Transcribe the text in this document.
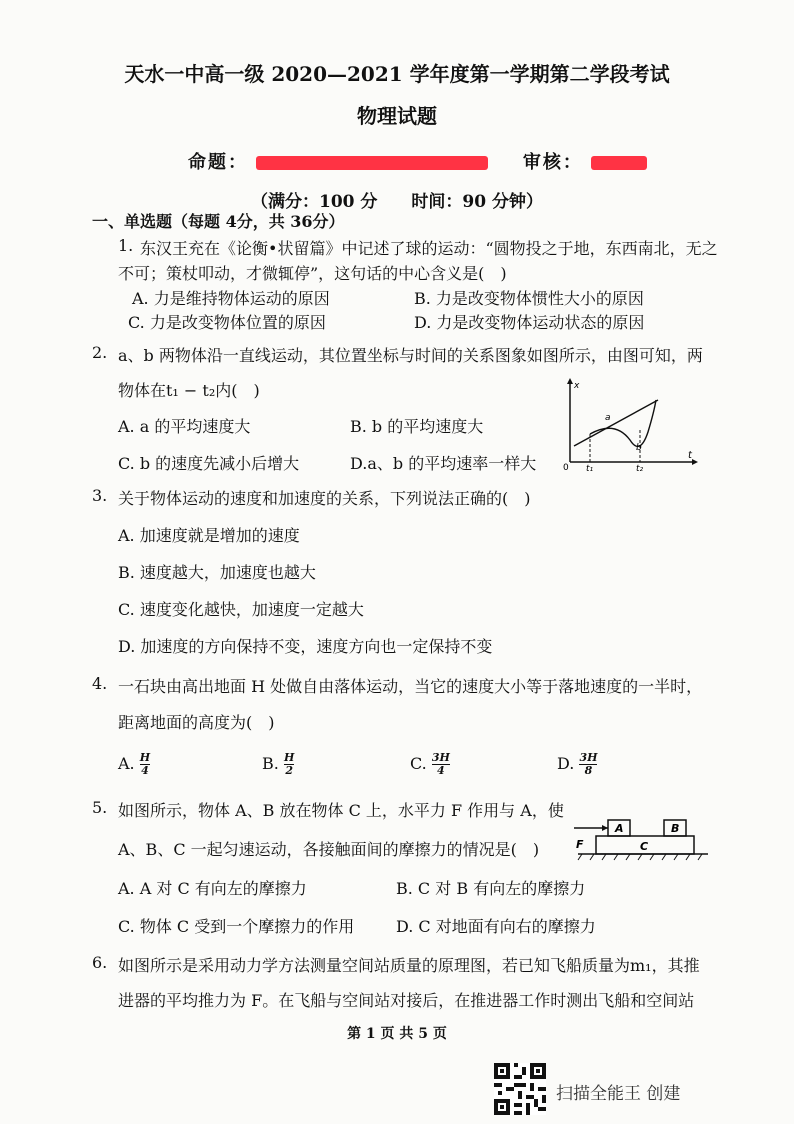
天水一中高一级 2020—2021 学年度第一学期第二学段考试
物理试题
命题：	审核：
（满分：100 分　　时间：90 分钟）
一、单选题（每题 4分，共 36分）
1. 东汉王充在《论衡•状留篇》中记述了球的运动：“圆物投之于地，东西南北，无之
不可；策杖叩动，才微辄停”，这句话的中心含义是(　)
A. 力是维持物体运动的原因	B. 力是改变物体惯性大小的原因
C. 力是改变物体位置的原因	D. 力是改变物体运动状态的原因
2. a、b 两物体沿一直线运动，其位置坐标与时间的关系图象如图所示，由图可知，两
物体在t₁ − t₂内(　)
A. a 的平均速度大	B. b 的平均速度大
C. b 的速度先减小后增大	D.a、b 的平均速率一样大
x
t
0 t₁	t₂
a
b
3. 关于物体运动的速度和加速度的关系，下列说法正确的(　)
A. 加速度就是增加的速度
B. 速度越大，加速度也越大
C. 速度变化越快，加速度一定越大
D. 加速度的方向保持不变，速度方向也一定保持不变
4. 一石块由高出地面 H 处做自由落体运动，当它的速度大小等于落地速度的一半时，
距离地面的高度为(　)
A. $\frac{H}{4}$	B. $\frac{H}{2}$	C. $\frac{3H}{4}$	D. $\frac{3H}{8}$
5. 如图所示，物体 A、B 放在物体 C 上，水平力 F 作用与 A，使
A、B、C 一起匀速运动，各接触面间的摩擦力的情况是(　)
A. A 对 C 有向左的摩擦力	B. C 对 B 有向左的摩擦力
C. 物体 C 受到一个摩擦力的作用	D. C 对地面有向右的摩擦力
A	B
C
F
6. 如图所示是采用动力学方法测量空间站质量的原理图，若已知飞船质量为m₁，其推
进器的平均推力为 F。在飞船与空间站对接后，在推进器工作时测出飞船和空间站
第 1 页 共 5 页
扫描全能王 创建
